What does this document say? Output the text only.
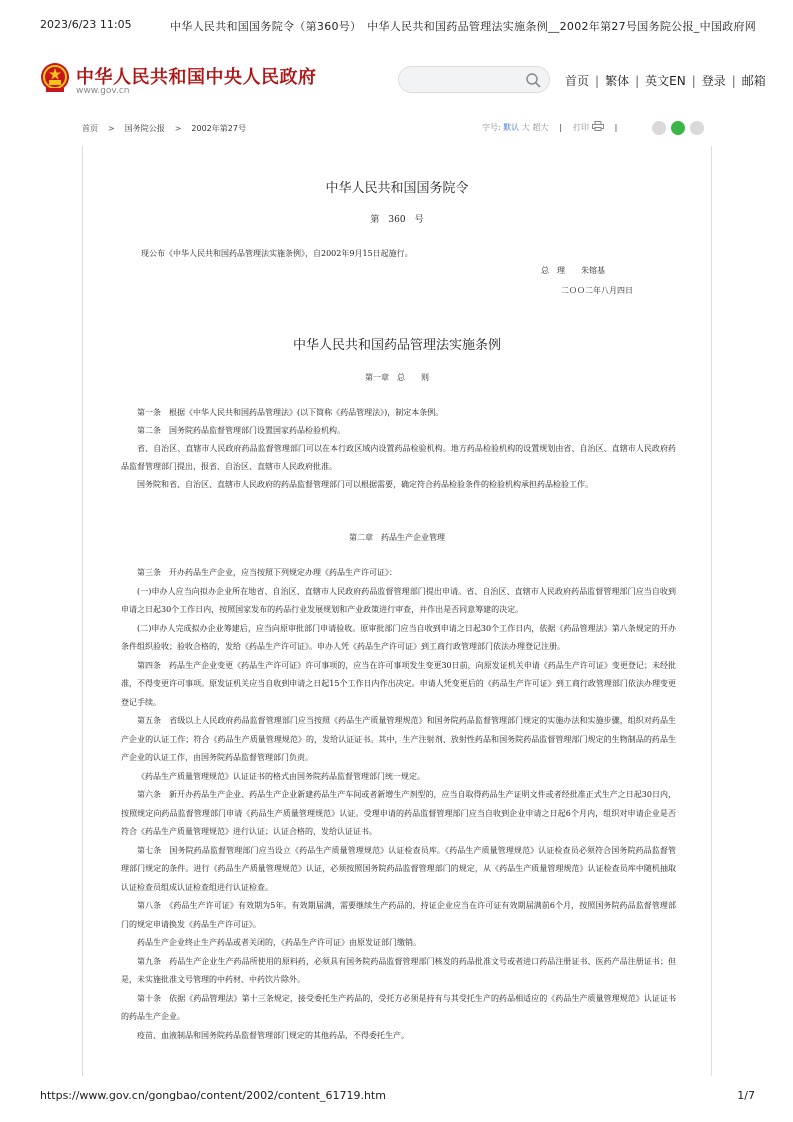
2023/6/23 11:05	中华人民共和国国务院令（第360号）　中华人民共和国药品管理法实施条例__2002年第27号国务院公报_中国政府网
中华人民共和国中央人民政府
www.gov.cn
首页 | 繁体 | 英文EN | 登录 | 邮箱
首页 > 国务院公报 > 2002年第27号	字号: 默认 大 超大 | 打印	|
中华人民共和国国务院令
第　360　号
现公布《中华人民共和国药品管理法实施条例》，自2002年9月15日起施行。
总　理　　朱镕基
二ＯＯ二年八月四日
中华人民共和国药品管理法实施条例
第一章　总　　则

第一条　根据《中华人民共和国药品管理法》(以下简称《药品管理法》)，制定本条例。

第二条　国务院药品监督管理部门设置国家药品检验机构。

省、自治区、直辖市人民政府药品监督管理部门可以在本行政区域内设置药品检验机构。地方药品检验机构的设置规划由省、自治区、直辖市人民政府药品监督管理部门提出，报省、自治区、直辖市人民政府批准。

国务院和省、自治区、直辖市人民政府的药品监督管理部门可以根据需要，确定符合药品检验条件的检验机构承担药品检验工作。

第二章　药品生产企业管理

第三条　开办药品生产企业，应当按照下列规定办理《药品生产许可证》：

(一)申办人应当向拟办企业所在地省、自治区、直辖市人民政府药品监督管理部门提出申请。省、自治区、直辖市人民政府药品监督管理部门应当自收到申请之日起30个工作日内，按照国家发布的药品行业发展规划和产业政策进行审查，并作出是否同意筹建的决定。

(二)申办人完成拟办企业筹建后，应当向原审批部门申请验收。原审批部门应当自收到申请之日起30个工作日内，依据《药品管理法》第八条规定的开办条件组织验收；验收合格的，发给《药品生产许可证》。申办人凭《药品生产许可证》到工商行政管理部门依法办理登记注册。

第四条　药品生产企业变更《药品生产许可证》许可事项的，应当在许可事项发生变更30日前，向原发证机关申请《药品生产许可证》变更登记；未经批准，不得变更许可事项。原发证机关应当自收到申请之日起15个工作日内作出决定。申请人凭变更后的《药品生产许可证》到工商行政管理部门依法办理变更登记手续。

第五条　省级以上人民政府药品监督管理部门应当按照《药品生产质量管理规范》和国务院药品监督管理部门规定的实施办法和实施步骤，组织对药品生产企业的认证工作；符合《药品生产质量管理规范》的，发给认证证书。其中，生产注射剂、放射性药品和国务院药品监督管理部门规定的生物制品的药品生产企业的认证工作，由国务院药品监督管理部门负责。

《药品生产质量管理规范》认证证书的格式由国务院药品监督管理部门统一规定。

第六条　新开办药品生产企业、药品生产企业新建药品生产车间或者新增生产剂型的，应当自取得药品生产证明文件或者经批准正式生产之日起30日内，按照规定向药品监督管理部门申请《药品生产质量管理规范》认证。受理申请的药品监督管理部门应当自收到企业申请之日起6个月内，组织对申请企业是否符合《药品生产质量管理规范》进行认证；认证合格的，发给认证证书。

第七条　国务院药品监督管理部门应当设立《药品生产质量管理规范》认证检查员库。《药品生产质量管理规范》认证检查员必须符合国务院药品监督管理部门规定的条件。进行《药品生产质量管理规范》认证，必须按照国务院药品监督管理部门的规定，从《药品生产质量管理规范》认证检查员库中随机抽取认证检查员组成认证检查组进行认证检查。

第八条　《药品生产许可证》有效期为5年。有效期届满，需要继续生产药品的，持证企业应当在许可证有效期届满前6个月，按照国务院药品监督管理部门的规定申请换发《药品生产许可证》。

药品生产企业终止生产药品或者关闭的，《药品生产许可证》由原发证部门缴销。

第九条　药品生产企业生产药品所使用的原料药，必须具有国务院药品监督管理部门核发的药品批准文号或者进口药品注册证书、医药产品注册证书；但是，未实施批准文号管理的中药材、中药饮片除外。

第十条　依据《药品管理法》第十三条规定，接受委托生产药品的，受托方必须是持有与其受托生产的药品相适应的《药品生产质量管理规范》认证证书的药品生产企业。

疫苗、血液制品和国务院药品监督管理部门规定的其他药品，不得委托生产。

https://www.gov.cn/gongbao/content/2002/content_61719.htm	1/7
